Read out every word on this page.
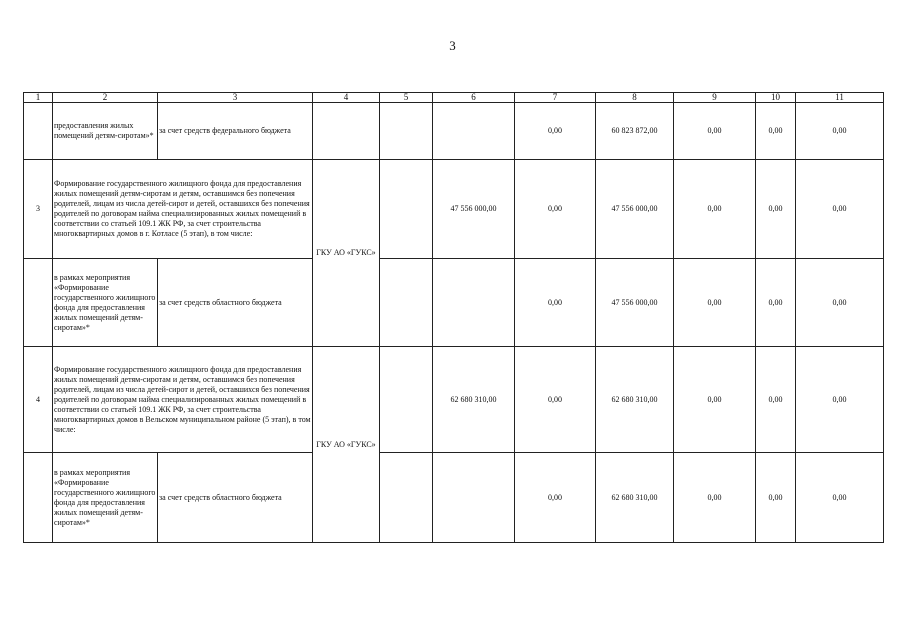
3
1	2	3	4	5	6	7	8	9	10	11
	предоставления жилых помещений детям-сиротам»*	за счет средств федерального бюджета				0,00	60 823 872,00	0,00	0,00	0,00
3	Формирование государственного жилищного фонда для предоставления жилых помещений детям-сиротам и детям, оставшимся без попечения родителей, лицам из числа детей-сирот и детей, оставшихся без попечения родителей по договорам найма специализированных жилых помещений в соответствии со статьей 109.1 ЖК РФ, за счет строительства многоквартирных домов в г. Котласе (5 этап), в том числе:		ГКУ АО «ГУКС»		47 556 000,00	0,00	47 556 000,00	0,00	0,00	0,00
	в рамках мероприятия «Формирование государственного жилищного фонда для предоставления жилых помещений детям-сиротам»*	за счет средств областного бюджета				0,00	47 556 000,00	0,00	0,00	0,00
4	Формирование государственного жилищного фонда для предоставления жилых помещений детям-сиротам и детям, оставшимся без попечения родителей, лицам из числа детей-сирот и детей, оставшихся без попечения родителей по договорам найма специализированных жилых помещений в соответствии со статьей 109.1 ЖК РФ, за счет строительства многоквартирных домов в Вельском муниципальном районе (5 этап), в том числе:		ГКУ АО «ГУКС»		62 680 310,00	0,00	62 680 310,00	0,00	0,00	0,00
	в рамках мероприятия «Формирование государственного жилищного фонда для предоставления жилых помещений детям-сиротам»*	за счет средств областного бюджета				0,00	62 680 310,00	0,00	0,00	0,00
